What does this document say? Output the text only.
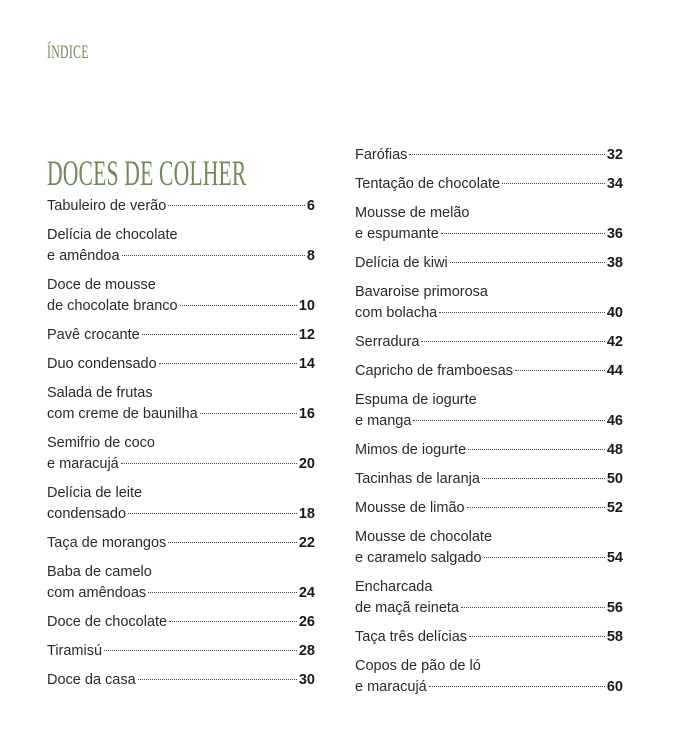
ÍNDICE
DOCES DE COLHER
Tabuleiro de verão	6
Delícia de chocolate
e amêndoa	8
Doce de mousse
de chocolate branco	10
Pavê crocante	12
Duo condensado	14
Salada de frutas
com creme de baunilha	16
Semifrio de coco
e maracujá	20
Delícia de leite
condensado	18
Taça de morangos	22
Baba de camelo
com amêndoas	24
Doce de chocolate	26
Tiramisú	28
Doce da casa	30
Farófias	32
Tentação de chocolate	34
Mousse de melão
e espumante	36
Delícia de kiwi	38
Bavaroise primorosa
com bolacha	40
Serradura	42
Capricho de framboesas	44
Espuma de iogurte
e manga	46
Mimos de iogurte	48
Tacinhas de laranja	50
Mousse de limão	52
Mousse de chocolate
e caramelo salgado	54
Encharcada
de maçã reineta	56
Taça três delícias	58
Copos de pão de ló
e maracujá	60
